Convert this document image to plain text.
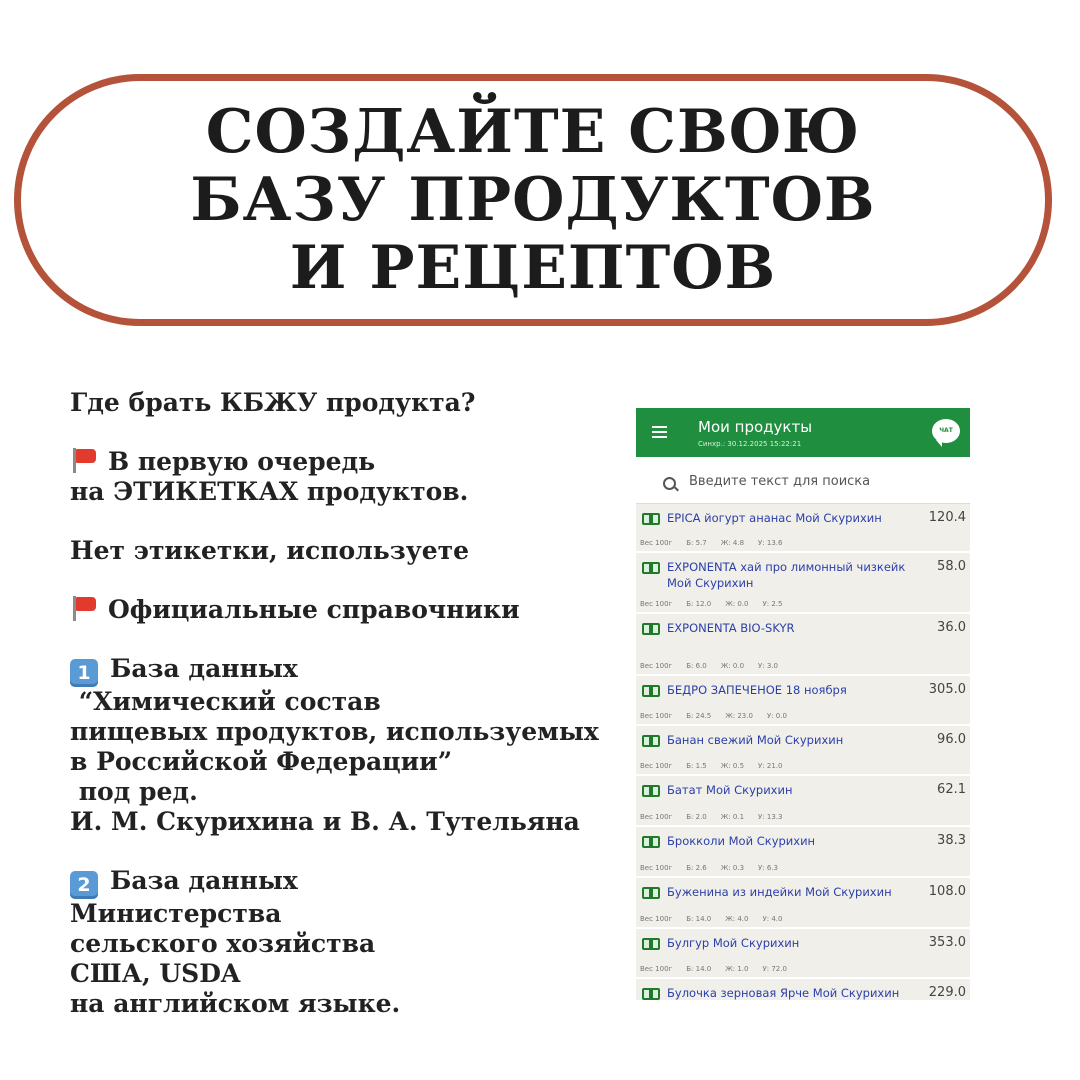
СОЗДАЙТЕ СВОЮ
БАЗУ ПРОДУКТОВ
И РЕЦЕПТОВ
Где брать КБЖУ продукта?
В первую очередь
на ЭТИКЕТКАХ продуктов.
Нет этикетки, используете
Официальные справочники
1 База данных
“Химический состав
пищевых продуктов, используемых
в Российской Федерации”
под ред.
И. М. Скурихина и В. А. Тутельяна
2 База данных
Министерства
сельского хозяйства
США, USDA
на английском языке.
Мои продукты
Синхр.: 30.12.2025 15:22:21
ЧАТ
Введите текст для поиска
ЕPICA йогурт ананас Мой Скурихин	120.4
Вес 100г Б: 5.7 Ж: 4.8 У: 13.6
EXPONENTA хай про лимонный чизкейк Мой Скурихин
58.0
Вес 100г Б: 12.0 Ж: 0.0 У: 2.5
EXPONENTA BIO-SKYR	36.0
Вес 100г Б: 6.0 Ж: 0.0 У: 3.0
БЕДРО ЗАПЕЧЕНОЕ 18 ноября	305.0
Вес 100г Б: 24.5 Ж: 23.0 У: 0.0
Банан свежий Мой Скурихин	96.0
Вес 100г Б: 1.5 Ж: 0.5 У: 21.0
Батат Мой Скурихин	62.1
Вес 100г Б: 2.0 Ж: 0.1 У: 13.3
Брокколи Мой Скурихин	38.3
Вес 100г Б: 2.6 Ж: 0.3 У: 6.3
Буженина из индейки Мой Скурихин	108.0
Вес 100г Б: 14.0 Ж: 4.0 У: 4.0
Булгур Мой Скурихин	353.0
Вес 100г Б: 14.0 Ж: 1.0 У: 72.0
Булочка зерновая Ярче Мой Скурихин	229.0
